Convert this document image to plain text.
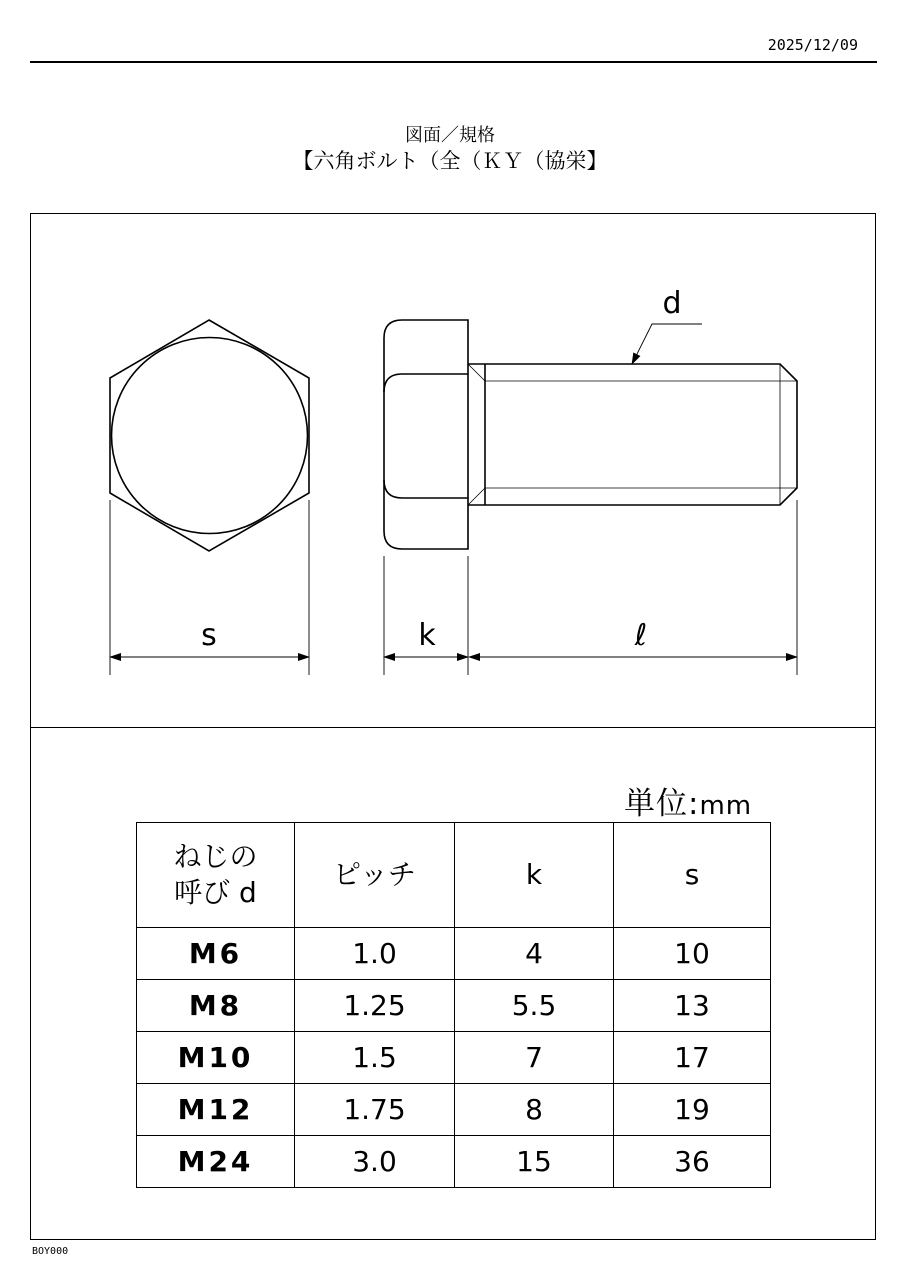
2025/12/09
図面／規格
【六角ボルト（全（ＫＹ（協栄】
d
s	k	ℓ
単位:mm
ねじの
呼び d	ピッチ	k	s
M6	1.0	4	10
M8	1.25	5.5	13
M10	1.5	7	17
M12	1.75	8	19
M24	3.0	15	36
BOY000
